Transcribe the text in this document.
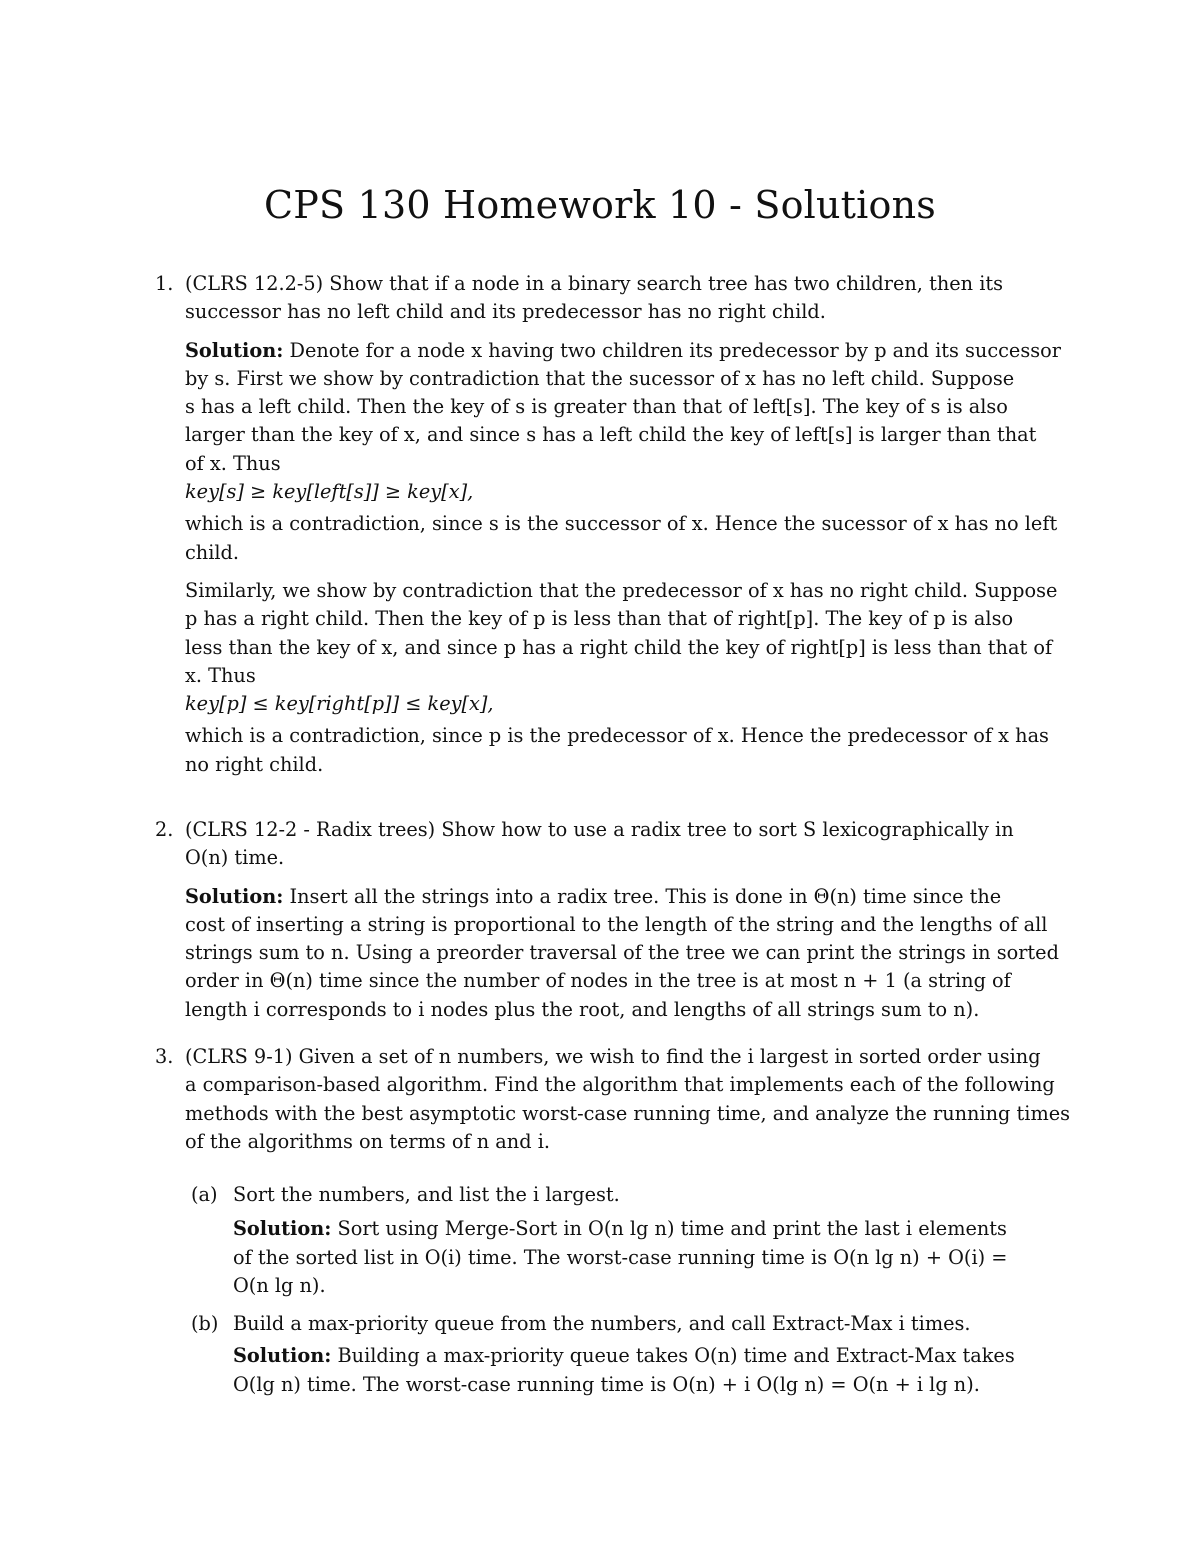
CPS 130 Homework 10 - Solutions
1. (CLRS 12.2-5) Show that if a node in a binary search tree has two children, then its
successor has no left child and its predecessor has no right child.

Solution: Denote for a node x having two children its predecessor by p and its successor
by s. First we show by contradiction that the sucessor of x has no left child. Suppose
s has a left child. Then the key of s is greater than that of left[s]. The key of s is also
larger than the key of x, and since s has a left child the key of left[s] is larger than that
of x. Thus

key[s] ≥ key[left[s]] ≥ key[x],

which is a contradiction, since s is the successor of x. Hence the sucessor of x has no left
child.

Similarly, we show by contradiction that the predecessor of x has no right child. Suppose
p has a right child. Then the key of p is less than that of right[p]. The key of p is also
less than the key of x, and since p has a right child the key of right[p] is less than that of
x. Thus

key[p] ≤ key[right[p]] ≤ key[x],

which is a contradiction, since p is the predecessor of x. Hence the predecessor of x has
no right child.

2. (CLRS 12-2 - Radix trees) Show how to use a radix tree to sort S lexicographically in
O(n) time.

Solution: Insert all the strings into a radix tree. This is done in Θ(n) time since the
cost of inserting a string is proportional to the length of the string and the lengths of all
strings sum to n. Using a preorder traversal of the tree we can print the strings in sorted
order in Θ(n) time since the number of nodes in the tree is at most n + 1 (a string of
length i corresponds to i nodes plus the root, and lengths of all strings sum to n).

3. (CLRS 9-1) Given a set of n numbers, we wish to find the i largest in sorted order using
a comparison-based algorithm. Find the algorithm that implements each of the following
methods with the best asymptotic worst-case running time, and analyze the running times
of the algorithms on terms of n and i.

(a) Sort the numbers, and list the i largest.

Solution: Sort using Merge-Sort in O(n lg n) time and print the last i elements
of the sorted list in O(i) time. The worst-case running time is O(n lg n) + O(i) =
O(n lg n).

(b) Build a max-priority queue from the numbers, and call Extract-Max i times.

Solution: Building a max-priority queue takes O(n) time and Extract-Max takes
O(lg n) time. The worst-case running time is O(n) + i O(lg n) = O(n + i lg n).
